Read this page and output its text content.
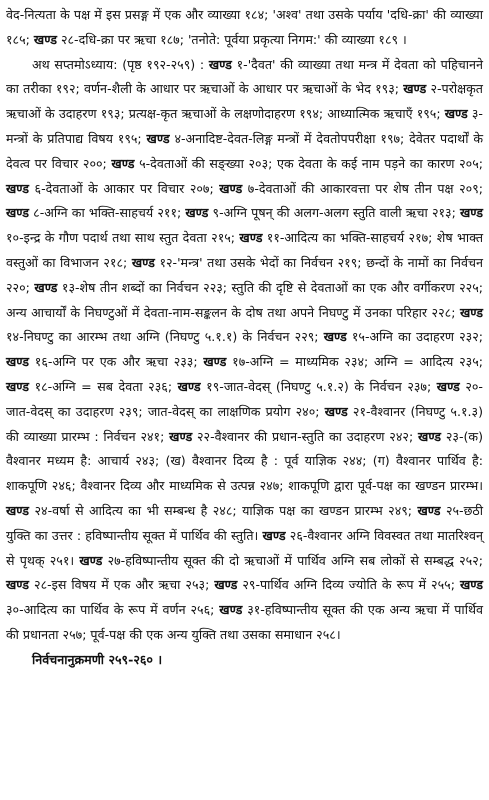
वेद-नित्यता के पक्ष में इस प्रसङ्ग में एक और व्याख्या १८४; 'अश्व' तथा उसके पर्याय 'दधि-क्रा' की व्याख्या १८५; खण्ड २८-दधि-क्रा पर ऋचा १८७; 'तनोते: पूर्वया प्रकृत्या निगम:' की व्याख्या १८९ ।

अथ सप्तमोऽध्याय: (पृष्ठ १९२-२५९) : खण्ड १-'दैवत' की व्याख्या तथा मन्त्र में देवता को पहिचानने का तरीका १९२; वर्णन-शैली के आधार पर ऋचाओं के आधार पर ऋचाओं के भेद १९३; खण्ड २-परोक्षकृत ऋचाओं के उदाहरण १९३; प्रत्यक्ष-कृत ऋचाओं के लक्षणोदाहरण १९४; आध्यात्मिक ऋचाएँ १९५; खण्ड ३-मन्त्रों के प्रतिपाद्य विषय १९५; खण्ड ४-अनादिष्ट-देवत-लिङ्ग मन्त्रों में देवतोपपरीक्षा १९७; देवेतर पदार्थों के देवत्व पर विचार २००; खण्ड ५-देवताओं की सङ्ख्या २०३; एक देवता के कई नाम पड़ने का कारण २०५; खण्ड ६-देवताओं के आकार पर विचार २०७; खण्ड ७-देवताओं की आकारवत्ता पर शेष तीन पक्ष २०९; खण्ड ८-अग्नि का भक्ति-साहचर्य २११; खण्ड ९-अग्नि पूषन् की अलग-अलग स्तुति वाली ऋचा २१३; खण्ड १०-इन्द्र के गौण पदार्थ तथा साथ स्तुत देवता २१५; खण्ड ११-आदित्य का भक्ति-साहचर्य २१७; शेष भाक्त वस्तुओं का विभाजन २१८; खण्ड १२-'मन्त्र' तथा उसके भेदों का निर्वचन २१९; छन्दों के नामों का निर्वचन २२०; खण्ड १३-शेष तीन शब्दों का निर्वचन २२३; स्तुति की दृष्टि से देवताओं का एक और वर्गीकरण २२५; अन्य आचार्यों के निघण्टुओं में देवता-नाम-सङ्कलन के दोष तथा अपने निघण्टु में उनका परिहार २२८; खण्ड १४-निघण्टु का आरम्भ तथा अग्नि (निघण्टु ५.१.१) के निर्वचन २२९; खण्ड १५-अग्नि का उदाहरण २३२; खण्ड १६-अग्नि पर एक और ऋचा २३३; खण्ड १७-अग्नि = माध्यमिक २३४; अग्नि = आदित्य २३५; खण्ड १८-अग्नि = सब देवता २३६; खण्ड १९-जात-वेदस् (निघण्टु ५.१.२) के निर्वचन २३७; खण्ड २०-जात-वेदस् का उदाहरण २३९; जात-वेदस् का लाक्षणिक प्रयोग २४०; खण्ड २१-वैश्वानर (निघण्टु ५.१.३) की व्याख्या प्रारम्भ : निर्वचन २४१; खण्ड २२-वैश्वानर की प्रधान-स्तुति का उदाहरण २४२; खण्ड २३-(क) वैश्वानर मध्यम है: आचार्य २४३; (ख) वैश्वानर दिव्य है : पूर्व याज्ञिक २४४; (ग) वैश्वानर पार्थिव है: शाकपूणि २४६; वैश्वानर दिव्य और माध्यमिक से उत्पन्न २४७; शाकपूणि द्वारा पूर्व-पक्ष का खण्डन प्रारम्भ। खण्ड २४-वर्षा से आदित्य का भी सम्बन्ध है २४८; याज्ञिक पक्ष का खण्डन प्रारम्भ २४९; खण्ड २५-छठी युक्ति का उत्तर : हविष्पान्तीय सूक्त में पार्थिव की स्तुति। खण्ड २६-वैश्वानर अग्नि विवस्वत तथा मातरिश्वन् से पृथक् २५१। खण्ड २७-हविष्पान्तीय सूक्त की दो ऋचाओं में पार्थिव अग्नि सब लोकों से सम्बद्ध २५२; खण्ड २८-इस विषय में एक और ऋचा २५३; खण्ड २९-पार्थिव अग्नि दिव्य ज्योति के रूप में २५५; खण्ड ३०-आदित्य का पार्थिव के रूप में वर्णन २५६; खण्ड ३१-हविष्पान्तीय सूक्त की एक अन्य ऋचा में पार्थिव की प्रधानता २५७; पूर्व-पक्ष की एक अन्य युक्ति तथा उसका समाधान २५८।

निर्वचनानुक्रमणी २५९-२६० ।
